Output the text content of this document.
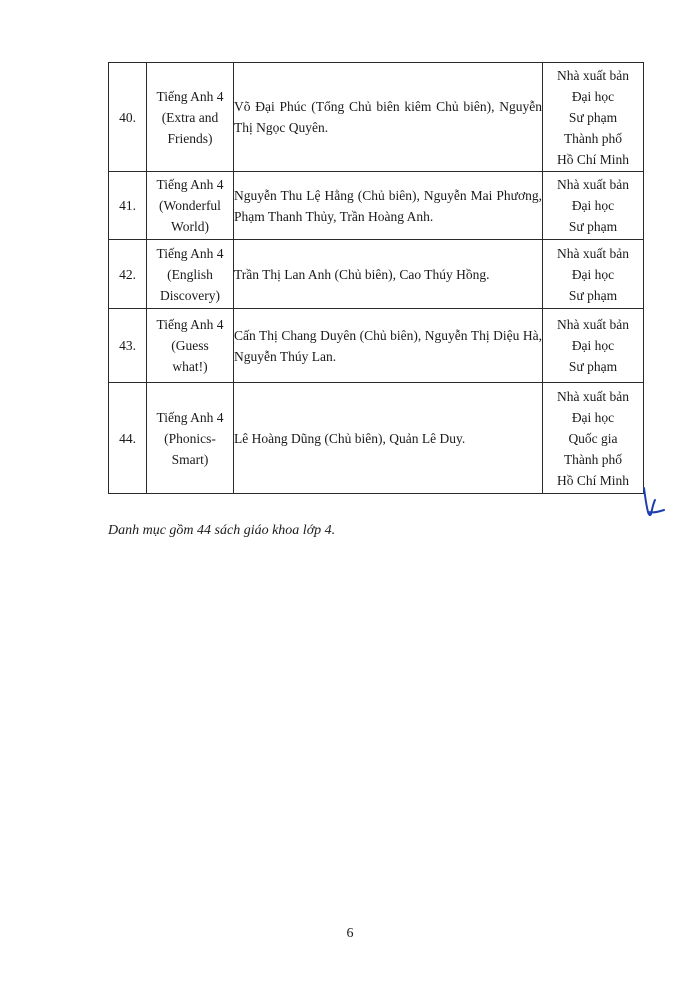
40.	Tiếng Anh 4
(Extra and
Friends)	Võ Đại Phúc (Tổng Chủ biên kiêm Chủ biên), Nguyễn Thị Ngọc Quyên.	Nhà xuất bản
Đại học
Sư phạm
Thành phố
Hồ Chí Minh

41.	Tiếng Anh 4
(Wonderful
World)	Nguyễn Thu Lệ Hằng (Chủ biên), Nguyễn Mai Phương, Phạm Thanh Thủy, Trần Hoàng Anh.	Nhà xuất bản
Đại học
Sư phạm

42.	Tiếng Anh 4
(English
Discovery)	Trần Thị Lan Anh (Chủ biên), Cao Thúy Hồng.	Nhà xuất bản
Đại học
Sư phạm

43.	Tiếng Anh 4
(Guess
what!)	Cấn Thị Chang Duyên (Chủ biên), Nguyễn Thị Diệu Hà, Nguyễn Thúy Lan.	Nhà xuất bản
Đại học
Sư phạm

44.	Tiếng Anh 4
(Phonics-
Smart)	Lê Hoàng Dũng (Chủ biên), Quản Lê Duy.	Nhà xuất bản
Đại học
Quốc gia
Thành phố
Hồ Chí Minh
Danh mục gồm 44 sách giáo khoa lớp 4.
6
